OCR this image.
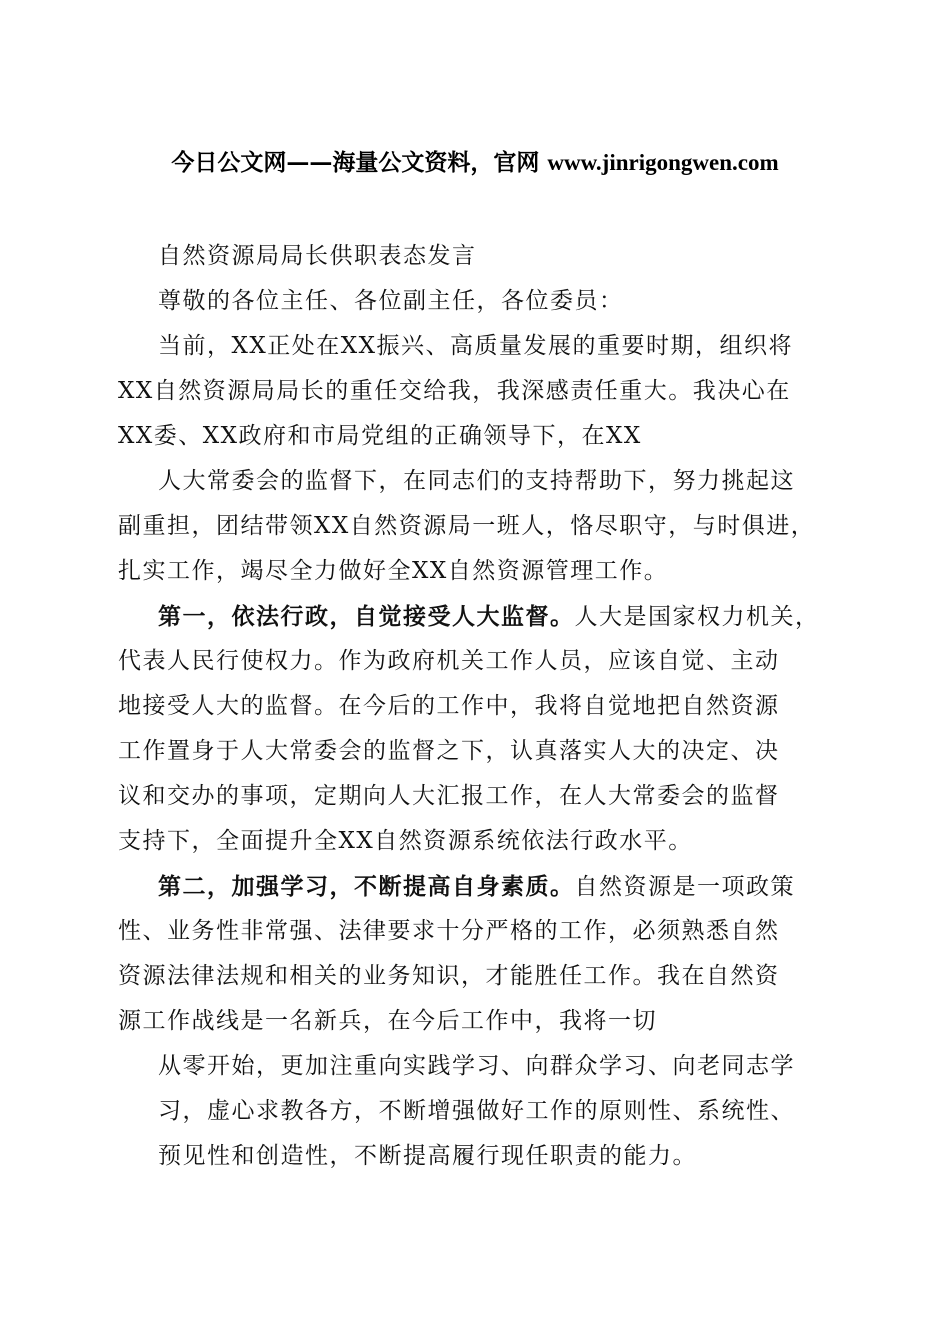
今日公文网——海量公文资料，官网 www.jinrigongwen.com
自然资源局局长供职表态发言
尊敬的各位主任、各位副主任，各位委员：
当前，XX正处在XX振兴、高质量发展的重要时期，组织将
XX自然资源局局长的重任交给我，我深感责任重大。我决心在
XX委、XX政府和市局党组的正确领导下，在XX
人大常委会的监督下，在同志们的支持帮助下，努力挑起这
副重担，团结带领XX自然资源局一班人，恪尽职守，与时俱进，
扎实工作，竭尽全力做好全XX自然资源管理工作。
第一，依法行政，自觉接受人大监督。人大是国家权力机关，
代表人民行使权力。作为政府机关工作人员，应该自觉、主动
地接受人大的监督。在今后的工作中，我将自觉地把自然资源
工作置身于人大常委会的监督之下，认真落实人大的决定、决
议和交办的事项，定期向人大汇报工作，在人大常委会的监督
支持下，全面提升全XX自然资源系统依法行政水平。
第二，加强学习，不断提高自身素质。自然资源是一项政策
性、业务性非常强、法律要求十分严格的工作，必须熟悉自然
资源法律法规和相关的业务知识，才能胜任工作。我在自然资
源工作战线是一名新兵，在今后工作中，我将一切
从零开始，更加注重向实践学习、向群众学习、向老同志学
习，虚心求教各方，不断增强做好工作的原则性、系统性、
预见性和创造性，不断提高履行现任职责的能力。
